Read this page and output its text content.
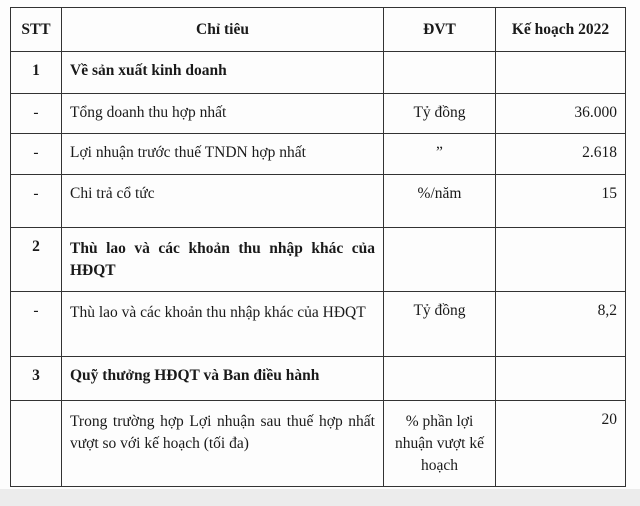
STT	Chỉ tiêu	ĐVT	Kế hoạch 2022
1	Về sản xuất kinh doanh		
-	Tổng doanh thu hợp nhất	Tỷ đồng	36.000
-	Lợi nhuận trước thuế TNDN hợp nhất	”	2.618
-	Chi trả cổ tức	%/năm	15
2	Thù lao và các khoản thu nhập khác của HĐQT		
-	Thù lao và các khoản thu nhập khác của HĐQT	Tỷ đồng	8,2
3	Quỹ thưởng HĐQT và Ban điều hành		
	Trong trường hợp Lợi nhuận sau thuế hợp nhất vượt so với kế hoạch (tối đa)	% phần lợi nhuận vượt kế hoạch	20
